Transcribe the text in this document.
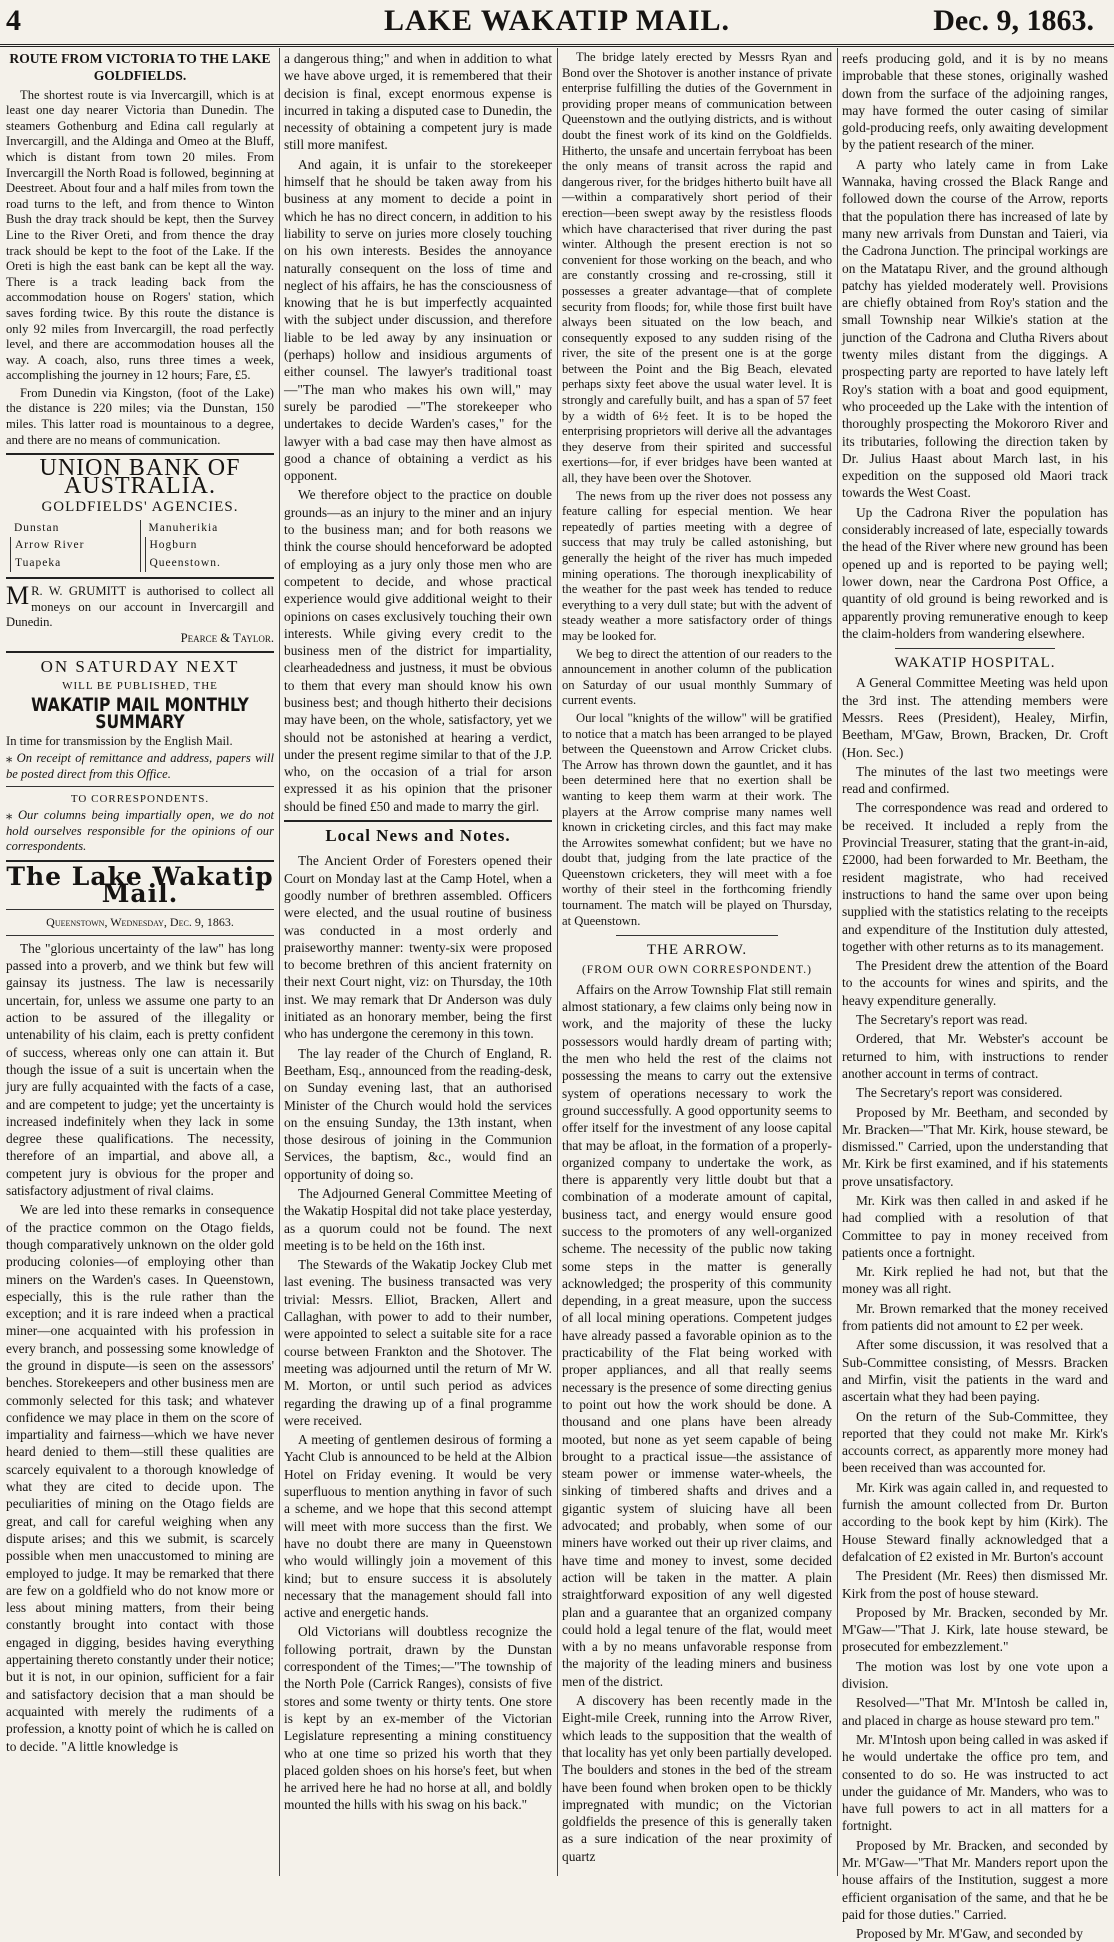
4	LAKE WAKATIP MAIL.	Dec. 9, 1863.
ROUTE FROM VICTORIA TO THE LAKE GOLDFIELDS.

The shortest route is via Invercargill, which is at least one day nearer Victoria than Dunedin. The steamers Gothenburg and Edina call regularly at Invercargill, and the Aldinga and Omeo at the Bluff, which is distant from town 20 miles. From Invercargill the North Road is followed, beginning at Deestreet. About four and a half miles from town the road turns to the left, and from thence to Winton Bush the dray track should be kept, then the Survey Line to the River Oreti, and from thence the dray track should be kept to the foot of the Lake. If the Oreti is high the east bank can be kept all the way. There is a track leading back from the accommodation house on Rogers' station, which saves fording twice. By this route the distance is only 92 miles from Invercargill, the road perfectly level, and there are accommodation houses all the way. A coach, also, runs three times a week, accomplishing the journey in 12 hours; Fare, £5.

From Dunedin via Kingston, (foot of the Lake) the distance is 220 miles; via the Dunstan, 150 miles. This latter road is mountainous to a degree, and there are no means of communication.

UNION BANK OF AUSTRALIA.
GOLDFIELDS' AGENCIES.
Dunstan
Arrow River
Tuapeka
Manuherikia
Hogburn
Queenstown.
M R. W. GRUMITT is authorised to collect all moneys on our account in Invercargill and Dunedin.
Pearce & Taylor.
ON SATURDAY NEXT
WILL BE PUBLISHED, THE
WAKATIP MAIL MONTHLY SUMMARY

In time for transmission by the English Mail.

⁎ On receipt of remittance and address, papers will be posted direct from this Office.

TO CORRESPONDENTS.

⁎ Our columns being impartially open, we do not hold ourselves responsible for the opinions of our correspondents.

The Lake Wakatip Mail.
Queenstown, Wednesday, Dec. 9, 1863.

The "glorious uncertainty of the law" has long passed into a proverb, and we think but few will gainsay its justness. The law is necessarily uncertain, for, unless we assume one party to an action to be assured of the illegality or untenability of his claim, each is pretty confident of success, whereas only one can attain it. But though the issue of a suit is uncertain when the jury are fully acquainted with the facts of a case, and are competent to judge; yet the uncertainty is increased indefinitely when they lack in some degree these qualifications. The necessity, therefore of an impartial, and above all, a competent jury is obvious for the proper and satisfactory adjustment of rival claims.

We are led into these remarks in consequence of the practice common on the Otago fields, though comparatively unknown on the older gold producing colonies—of employing other than miners on the Warden's cases. In Queenstown, especially, this is the rule rather than the exception; and it is rare indeed when a practical miner—one acquainted with his profession in every branch, and possessing some knowledge of the ground in dispute—is seen on the assessors' benches. Storekeepers and other business men are commonly selected for this task; and whatever confidence we may place in them on the score of impartiality and fairness—which we have never heard denied to them—still these qualities are scarcely equivalent to a thorough knowledge of what they are cited to decide upon. The peculiarities of mining on the Otago fields are great, and call for careful weighing when any dispute arises; and this we submit, is scarcely possible when men unaccustomed to mining are employed to judge. It may be remarked that there are few on a goldfield who do not know more or less about mining matters, from their being constantly brought into contact with those engaged in digging, besides having everything appertaining thereto constantly under their notice; but it is not, in our opinion, sufficient for a fair and satisfactory decision that a man should be acquainted with merely the rudiments of a profession, a knotty point of which he is called on to decide. "A little knowledge is

a dangerous thing;" and when in addition to what we have above urged, it is remembered that their decision is final, except enormous expense is incurred in taking a disputed case to Dunedin, the necessity of obtaining a competent jury is made still more manifest.

And again, it is unfair to the storekeeper himself that he should be taken away from his business at any moment to decide a point in which he has no direct concern, in addition to his liability to serve on juries more closely touching on his own interests. Besides the annoyance naturally consequent on the loss of time and neglect of his affairs, he has the consciousness of knowing that he is but imperfectly acquainted with the subject under discussion, and therefore liable to be led away by any insinuation or (perhaps) hollow and insidious arguments of either counsel. The lawyer's traditional toast—"The man who makes his own will," may surely be parodied —"The storekeeper who undertakes to decide Warden's cases," for the lawyer with a bad case may then have almost as good a chance of obtaining a verdict as his opponent.

We therefore object to the practice on double grounds—as an injury to the miner and an injury to the business man; and for both reasons we think the course should henceforward be adopted of employing as a jury only those men who are competent to decide, and whose practical experience would give additional weight to their opinions on cases exclusively touching their own interests. While giving every credit to the business men of the district for impartiality, clearheadedness and justness, it must be obvious to them that every man should know his own business best; and though hitherto their decisions may have been, on the whole, satisfactory, yet we should not be astonished at hearing a verdict, under the present regime similar to that of the J.P. who, on the occasion of a trial for arson expressed it as his opinion that the prisoner should be fined £50 and made to marry the girl.

Local News and Notes.

The Ancient Order of Foresters opened their Court on Monday last at the Camp Hotel, when a goodly number of brethren assembled. Officers were elected, and the usual routine of business was conducted in a most orderly and praiseworthy manner: twenty-six were proposed to become brethren of this ancient fraternity on their next Court night, viz: on Thursday, the 10th inst. We may remark that Dr Anderson was duly initiated as an honorary member, being the first who has undergone the ceremony in this town.

The lay reader of the Church of England, R. Beetham, Esq., announced from the reading-desk, on Sunday evening last, that an authorised Minister of the Church would hold the services on the ensuing Sunday, the 13th instant, when those desirous of joining in the Communion Services, the baptism, &c., would find an opportunity of doing so.

The Adjourned General Committee Meeting of the Wakatip Hospital did not take place yesterday, as a quorum could not be found. The next meeting is to be held on the 16th inst.

The Stewards of the Wakatip Jockey Club met last evening. The business transacted was very trivial: Messrs. Elliot, Bracken, Allert and Callaghan, with power to add to their number, were appointed to select a suitable site for a race course between Frankton and the Shotover. The meeting was adjourned until the return of Mr W. M. Morton, or until such period as advices regarding the drawing up of a final programme were received.

A meeting of gentlemen desirous of forming a Yacht Club is announced to be held at the Albion Hotel on Friday evening. It would be very superfluous to mention anything in favor of such a scheme, and we hope that this second attempt will meet with more success than the first. We have no doubt there are many in Queenstown who would willingly join a movement of this kind; but to ensure success it is absolutely necessary that the management should fall into active and energetic hands.

Old Victorians will doubtless recognize the following portrait, drawn by the Dunstan correspondent of the Times;—"The township of the North Pole (Carrick Ranges), consists of five stores and some twenty or thirty tents. One store is kept by an ex-member of the Victorian Legislature representing a mining constituency who at one time so prized his worth that they placed golden shoes on his horse's feet, but when he arrived here he had no horse at all, and boldly mounted the hills with his swag on his back."

The bridge lately erected by Messrs Ryan and Bond over the Shotover is another instance of private enterprise fulfilling the duties of the Government in providing proper means of communication between Queenstown and the outlying districts, and is without doubt the finest work of its kind on the Goldfields. Hitherto, the unsafe and uncertain ferryboat has been the only means of transit across the rapid and dangerous river, for the bridges hitherto built have all—within a comparatively short period of their erection—been swept away by the resistless floods which have characterised that river during the past winter. Although the present erection is not so convenient for those working on the beach, and who are constantly crossing and re-crossing, still it possesses a greater advantage—that of complete security from floods; for, while those first built have always been situated on the low beach, and consequently exposed to any sudden rising of the river, the site of the present one is at the gorge between the Point and the Big Beach, elevated perhaps sixty feet above the usual water level. It is strongly and carefully built, and has a span of 57 feet by a width of 6½ feet. It is to be hoped the enterprising proprietors will derive all the advantages they deserve from their spirited and successful exertions—for, if ever bridges have been wanted at all, they have been over the Shotover.

The news from up the river does not possess any feature calling for especial mention. We hear repeatedly of parties meeting with a degree of success that may truly be called astonishing, but generally the height of the river has much impeded mining operations. The thorough inexplicability of the weather for the past week has tended to reduce everything to a very dull state; but with the advent of steady weather a more satisfactory order of things may be looked for.

We beg to direct the attention of our readers to the announcement in another column of the publication on Saturday of our usual monthly Summary of current events.

Our local "knights of the willow" will be gratified to notice that a match has been arranged to be played between the Queenstown and Arrow Cricket clubs. The Arrow has thrown down the gauntlet, and it has been determined here that no exertion shall be wanting to keep them warm at their work. The players at the Arrow comprise many names well known in cricketing circles, and this fact may make the Arrowites somewhat confident; but we have no doubt that, judging from the late practice of the Queenstown cricketers, they will meet with a foe worthy of their steel in the forthcoming friendly tournament. The match will be played on Thursday, at Queenstown.

THE ARROW.
(FROM OUR OWN CORRESPONDENT.)

Affairs on the Arrow Township Flat still remain almost stationary, a few claims only being now in work, and the majority of these the lucky possessors would hardly dream of parting with; the men who held the rest of the claims not possessing the means to carry out the extensive system of operations necessary to work the ground successfully. A good opportunity seems to offer itself for the investment of any loose capital that may be afloat, in the formation of a properly-organized company to undertake the work, as there is apparently very little doubt but that a combination of a moderate amount of capital, business tact, and energy would ensure good success to the promoters of any well-organized scheme. The necessity of the public now taking some steps in the matter is generally acknowledged; the prosperity of this community depending, in a great measure, upon the success of all local mining operations. Competent judges have already passed a favorable opinion as to the practicability of the Flat being worked with proper appliances, and all that really seems necessary is the presence of some directing genius to point out how the work should be done. A thousand and one plans have been already mooted, but none as yet seem capable of being brought to a practical issue—the assistance of steam power or immense water-wheels, the sinking of timbered shafts and drives and a gigantic system of sluicing have all been advocated; and probably, when some of our miners have worked out their up river claims, and have time and money to invest, some decided action will be taken in the matter. A plain straightforward exposition of any well digested plan and a guarantee that an organized company could hold a legal tenure of the flat, would meet with a by no means unfavorable response from the majority of the leading miners and business men of the district.

A discovery has been recently made in the Eight-mile Creek, running into the Arrow River, which leads to the supposition that the wealth of that locality has yet only been partially developed. The boulders and stones in the bed of the stream have been found when broken open to be thickly impregnated with mundic; on the Victorian goldfields the presence of this is generally taken as a sure indication of the near proximity of quartz

reefs producing gold, and it is by no means improbable that these stones, originally washed down from the surface of the adjoining ranges, may have formed the outer casing of similar gold-producing reefs, only awaiting development by the patient research of the miner.

A party who lately came in from Lake Wannaka, having crossed the Black Range and followed down the course of the Arrow, reports that the population there has increased of late by many new arrivals from Dunstan and Taieri, via the Cadrona Junction. The principal workings are on the Matatapu River, and the ground although patchy has yielded moderately well. Provisions are chiefly obtained from Roy's station and the small Township near Wilkie's station at the junction of the Cadrona and Clutha Rivers about twenty miles distant from the diggings. A prospecting party are reported to have lately left Roy's station with a boat and good equipment, who proceeded up the Lake with the intention of thoroughly prospecting the Mokororo River and its tributaries, following the direction taken by Dr. Julius Haast about March last, in his expedition on the supposed old Maori track towards the West Coast.

Up the Cadrona River the population has considerably increased of late, especially towards the head of the River where new ground has been opened up and is reported to be paying well; lower down, near the Cardrona Post Office, a quantity of old ground is being reworked and is apparently proving remunerative enough to keep the claim-holders from wandering elsewhere.

WAKATIP HOSPITAL.

A General Committee Meeting was held upon the 3rd inst. The attending members were Messrs. Rees (President), Healey, Mirfin, Beetham, M'Gaw, Brown, Bracken, Dr. Croft (Hon. Sec.)

The minutes of the last two meetings were read and confirmed.

The correspondence was read and ordered to be received. It included a reply from the Provincial Treasurer, stating that the grant-in-aid, £2000, had been forwarded to Mr. Beetham, the resident magistrate, who had received instructions to hand the same over upon being supplied with the statistics relating to the receipts and expenditure of the Institution duly attested, together with other returns as to its management.

The President drew the attention of the Board to the accounts for wines and spirits, and the heavy expenditure generally.

The Secretary's report was read.

Ordered, that Mr. Webster's account be returned to him, with instructions to render another account in terms of contract.

The Secretary's report was considered.

Proposed by Mr. Beetham, and seconded by Mr. Bracken—"That Mr. Kirk, house steward, be dismissed." Carried, upon the understanding that Mr. Kirk be first examined, and if his statements prove unsatisfactory.

Mr. Kirk was then called in and asked if he had complied with a resolution of that Committee to pay in money received from patients once a fortnight.

Mr. Kirk replied he had not, but that the money was all right.

Mr. Brown remarked that the money received from patients did not amount to £2 per week.

After some discussion, it was resolved that a Sub-Committee consisting, of Messrs. Bracken and Mirfin, visit the patients in the ward and ascertain what they had been paying.

On the return of the Sub-Committee, they reported that they could not make Mr. Kirk's accounts correct, as apparently more money had been received than was accounted for.

Mr. Kirk was again called in, and requested to furnish the amount collected from Dr. Burton according to the book kept by him (Kirk). The House Steward finally acknowledged that a defalcation of £2 existed in Mr. Burton's account

The President (Mr. Rees) then dismissed Mr. Kirk from the post of house steward.

Proposed by Mr. Bracken, seconded by Mr. M'Gaw—"That J. Kirk, late house steward, be prosecuted for embezzlement."

The motion was lost by one vote upon a division.

Resolved—"That Mr. M'Intosh be called in, and placed in charge as house steward pro tem."

Mr. M'Intosh upon being called in was asked if he would undertake the office pro tem, and consented to do so. He was instructed to act under the guidance of Mr. Manders, who was to have full powers to act in all matters for a fortnight.

Proposed by Mr. Bracken, and seconded by Mr. M'Gaw—"That Mr. Manders report upon the house affairs of the Institution, suggest a more efficient organisation of the same, and that he be paid for those duties." Carried.

Proposed by Mr. M'Gaw, and seconded by
